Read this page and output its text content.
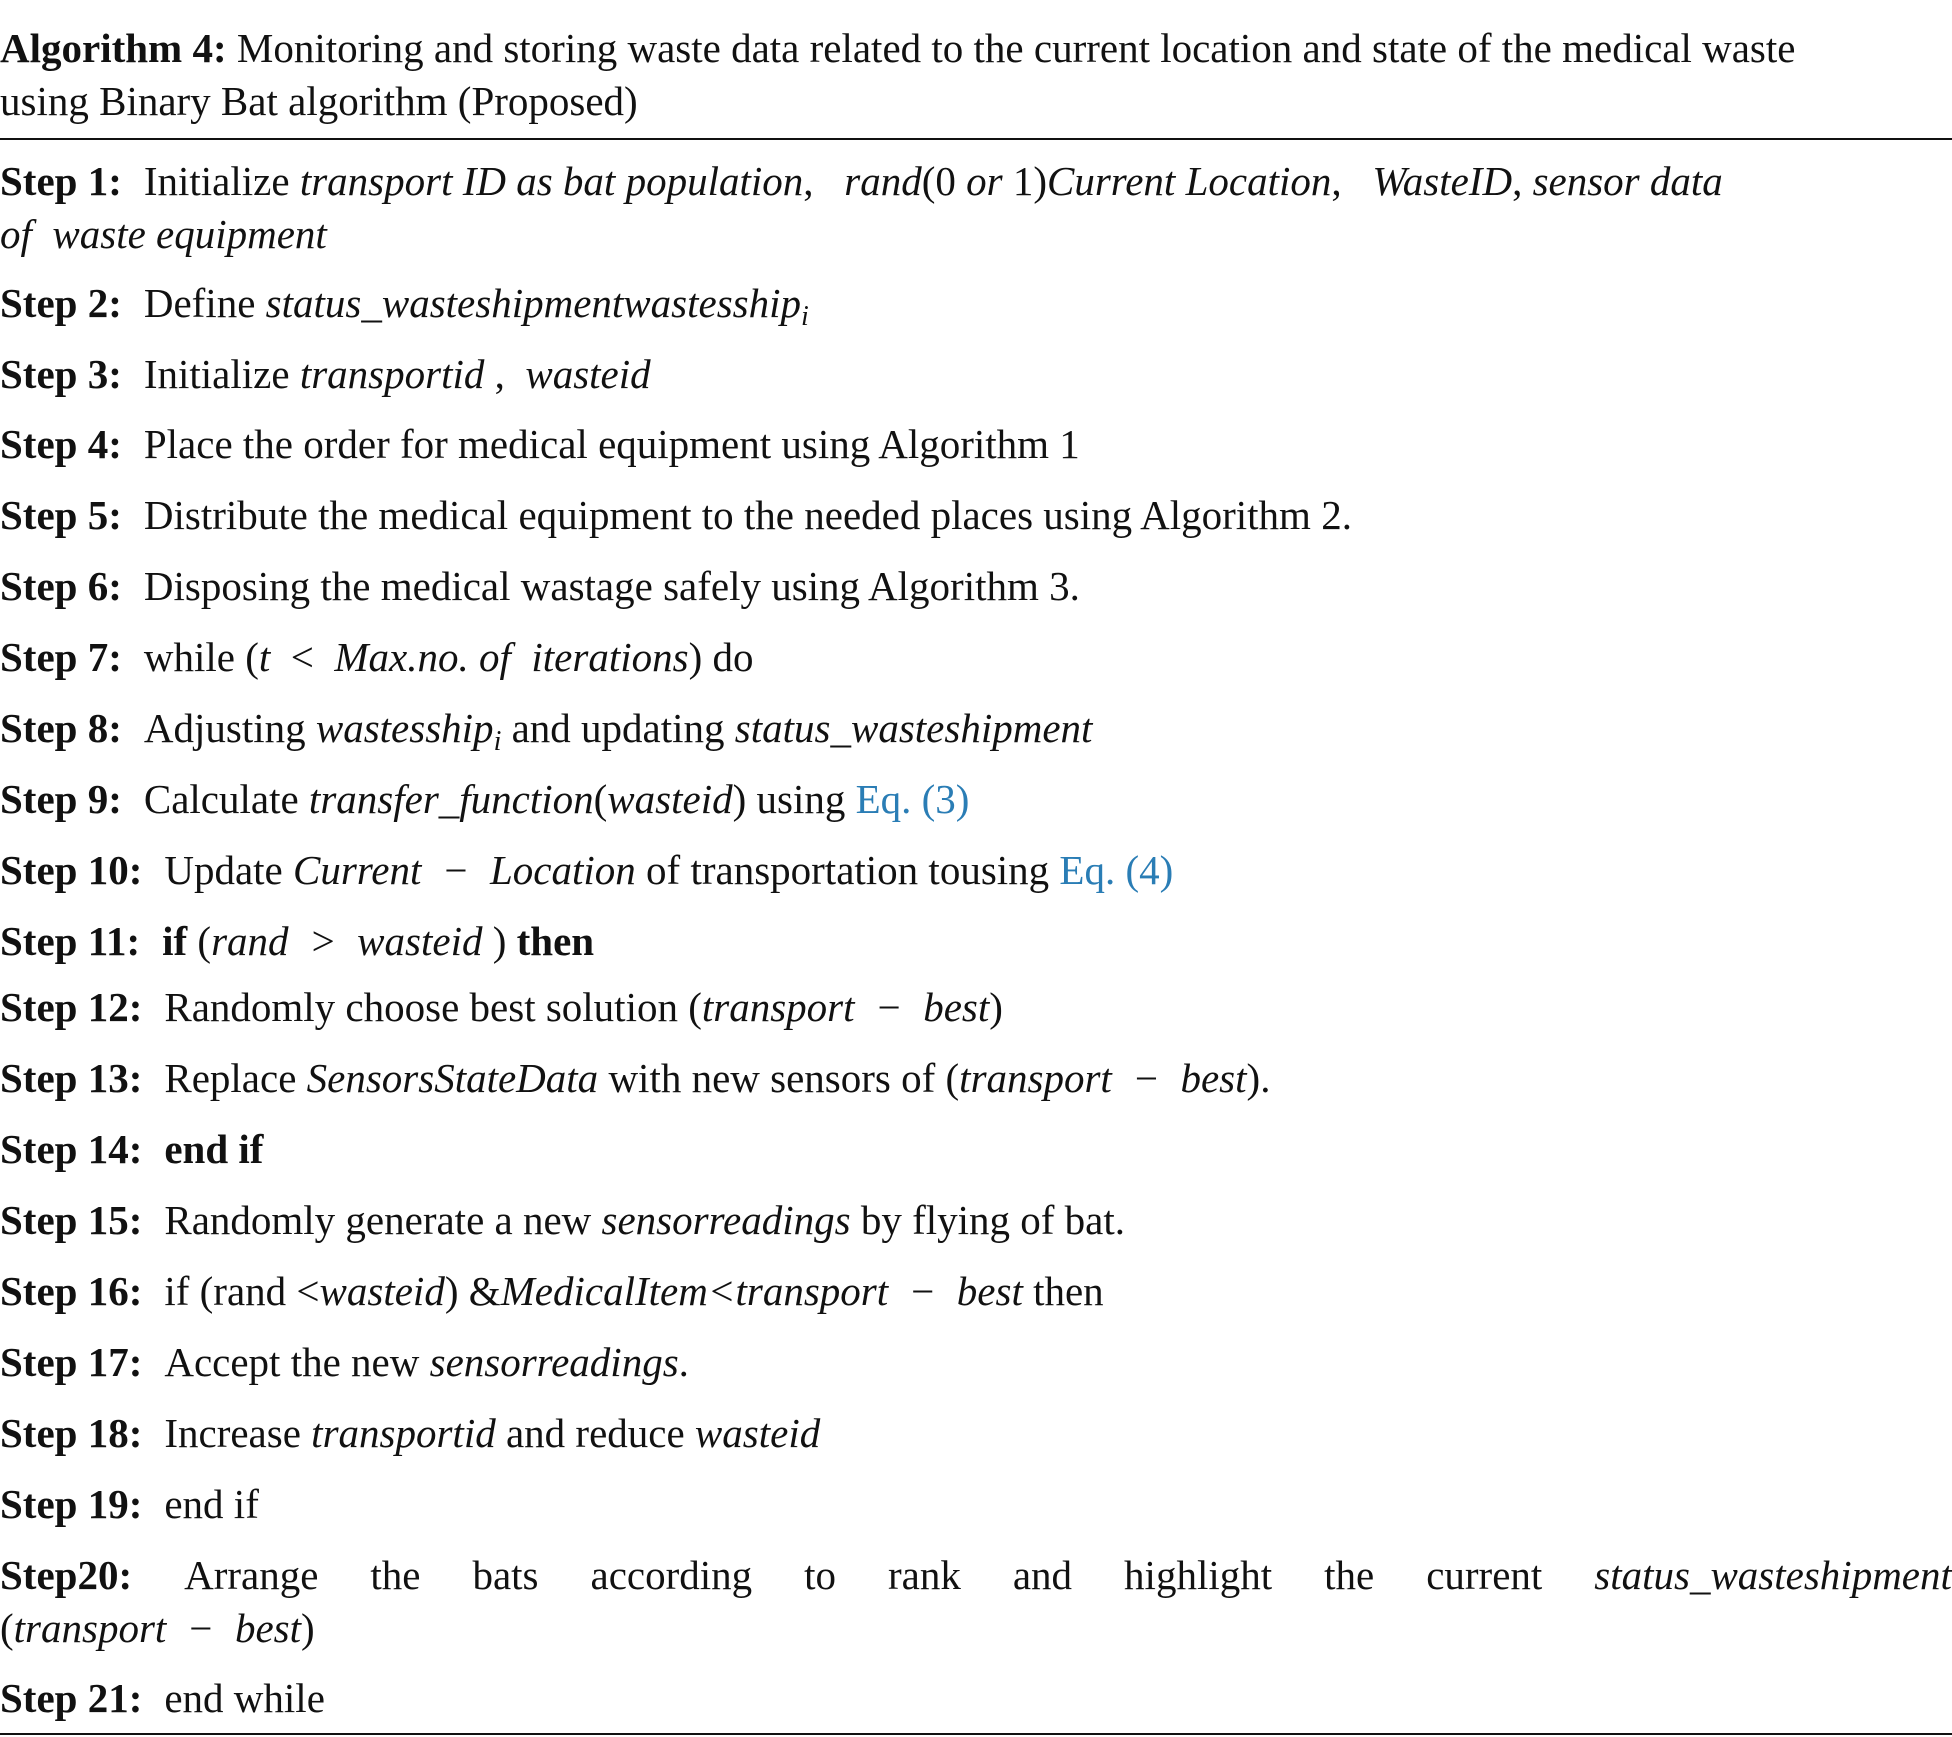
Algorithm 4: Monitoring and storing waste data related to the current location and state of the medical waste
using Binary Bat algorithm (Proposed)
Step 1: Initialize transport ID as bat population,   rand(0 or 1)Current Location,   WasteID, sensor data
of  waste equipment
Step 2: Define status_wasteshipmentwastesship$_i$
Step 3: Initialize transportid ,  wasteid
Step 4: Place the order for medical equipment using Algorithm 1
Step 5: Distribute the medical equipment to the needed places using Algorithm 2.
Step 6: Disposing the medical wastage safely using Algorithm 3.
Step 7: while (t  <  Max.no. of  iterations) do
Step 8: Adjusting wastesship$_i$ and updating status_wasteshipment
Step 9: Calculate transfer_function(wasteid) using Eq. (3)
Step 10: Update Current  −  Location of transportation tousing Eq. (4)
Step 11: if (rand  >  wasteid ) then
Step 12: Randomly choose best solution (transport  −  best)
Step 13: Replace SensorsStateData with new sensors of (transport  −  best).
Step 14: end if
Step 15: Randomly generate a new sensorreadings by flying of bat.
Step 16: if (rand <wasteid) &MedicalItem<transport  −  best then
Step 17: Accept the new sensorreadings.
Step 18: Increase transportid and reduce wasteid
Step 19: end if
Step20: Arrange the bats according to rank and highlight the current status_wasteshipment
(transport  −  best)
Step 21: end while
